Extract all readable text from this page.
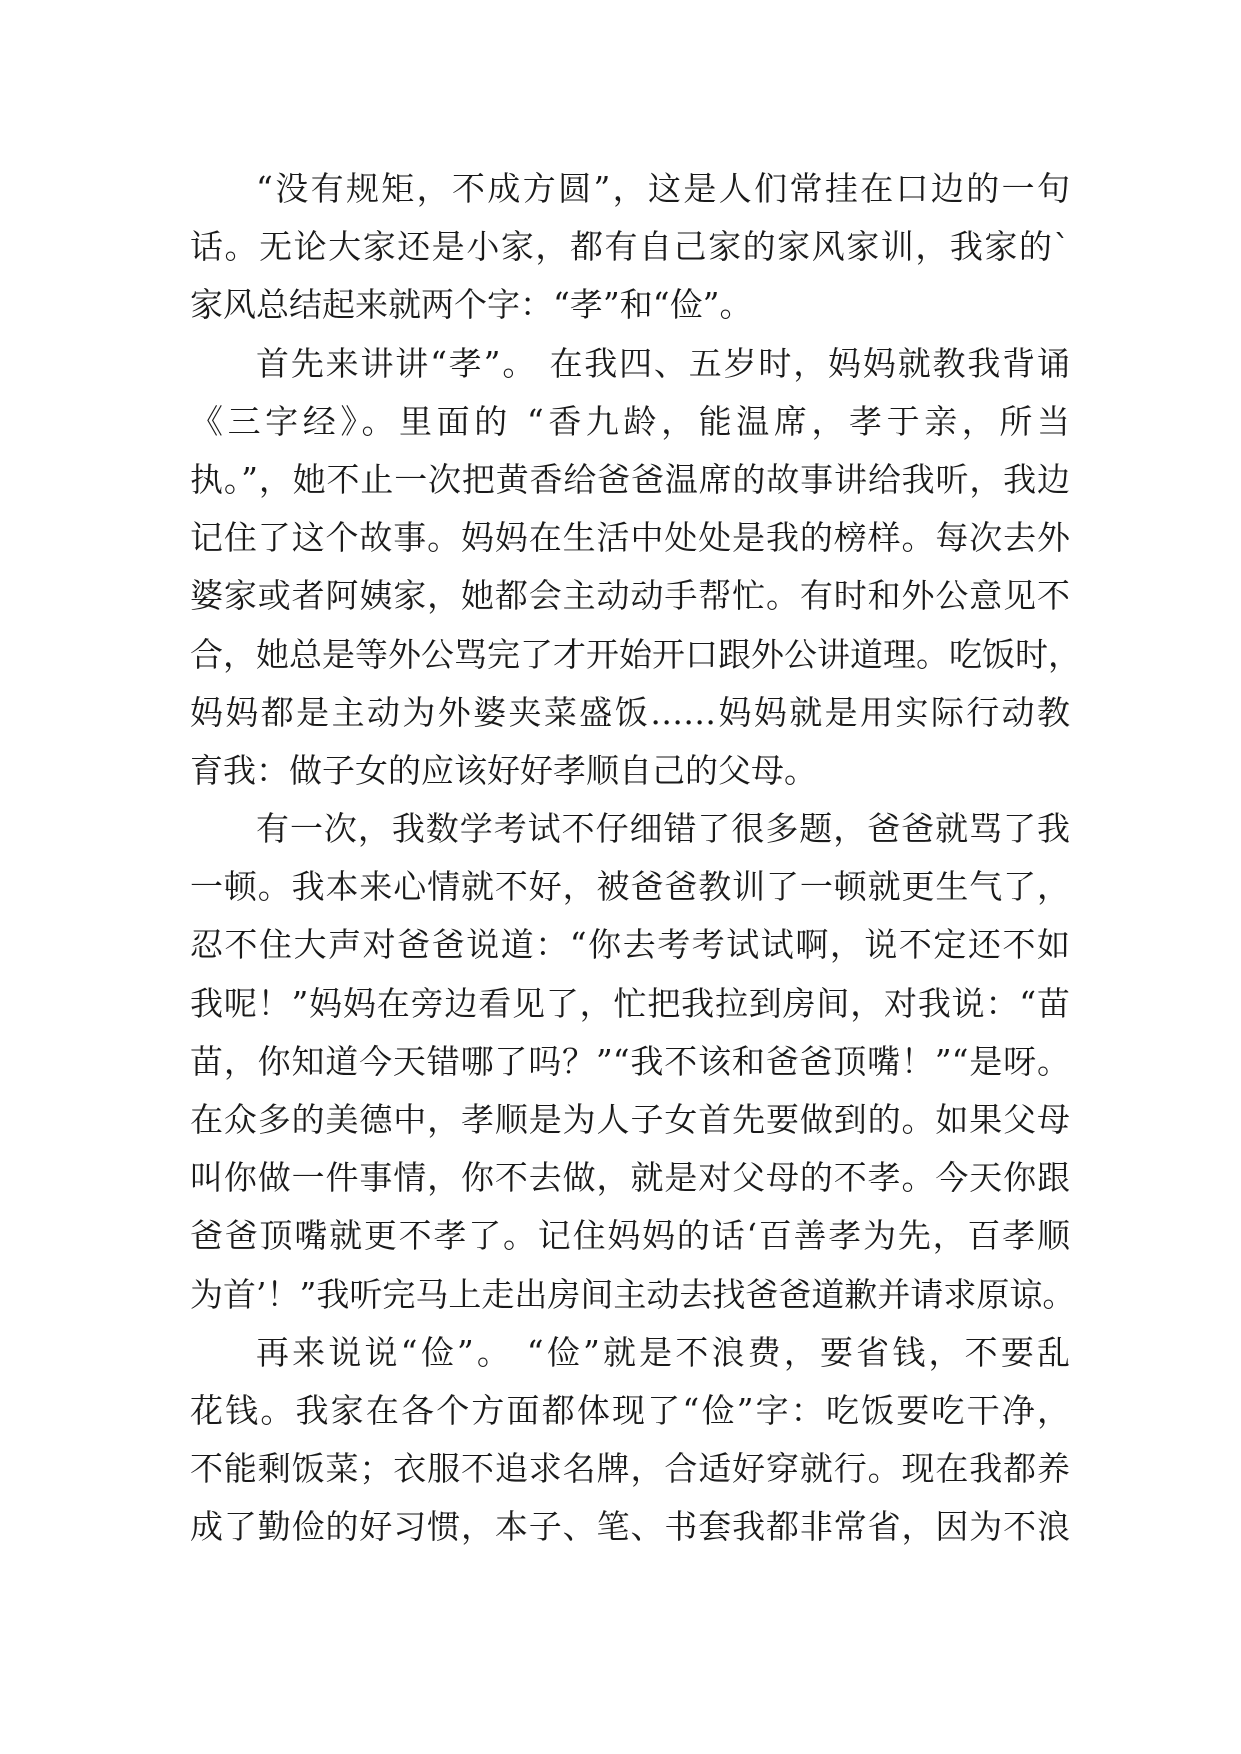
“没有规矩，不成方圆”，这是人们常挂在口边的一句
话。无论大家还是小家，都有自己家的家风家训，我家的`
家风总结起来就两个字：“孝”和“俭”。
首先来讲讲“孝”。 在我四、五岁时，妈妈就教我背诵
《三字经》。里面的 “香九龄，能温席，孝于亲，所当
执。”，她不止一次把黄香给爸爸温席的故事讲给我听，我边
记住了这个故事。妈妈在生活中处处是我的榜样。每次去外
婆家或者阿姨家，她都会主动动手帮忙。有时和外公意见不
合，她总是等外公骂完了才开始开口跟外公讲道理。吃饭时，
妈妈都是主动为外婆夹菜盛饭……妈妈就是用实际行动教
育我：做子女的应该好好孝顺自己的父母。
有一次，我数学考试不仔细错了很多题，爸爸就骂了我
一顿。我本来心情就不好，被爸爸教训了一顿就更生气了，
忍不住大声对爸爸说道：“你去考考试试啊，说不定还不如
我呢！”妈妈在旁边看见了，忙把我拉到房间，对我说：“苗
苗，你知道今天错哪了吗？”“我不该和爸爸顶嘴！”“是呀。
在众多的美德中，孝顺是为人子女首先要做到的。如果父母
叫你做一件事情，你不去做，就是对父母的不孝。今天你跟
爸爸顶嘴就更不孝了。记住妈妈的话‘百善孝为先，百孝顺
为首’！”我听完马上走出房间主动去找爸爸道歉并请求原谅。
再来说说“俭”。 “俭”就是不浪费，要省钱，不要乱
花钱。我家在各个方面都体现了“俭”字：吃饭要吃干净，
不能剩饭菜；衣服不追求名牌，合适好穿就行。现在我都养
成了勤俭的好习惯，本子、笔、书套我都非常省，因为不浪
